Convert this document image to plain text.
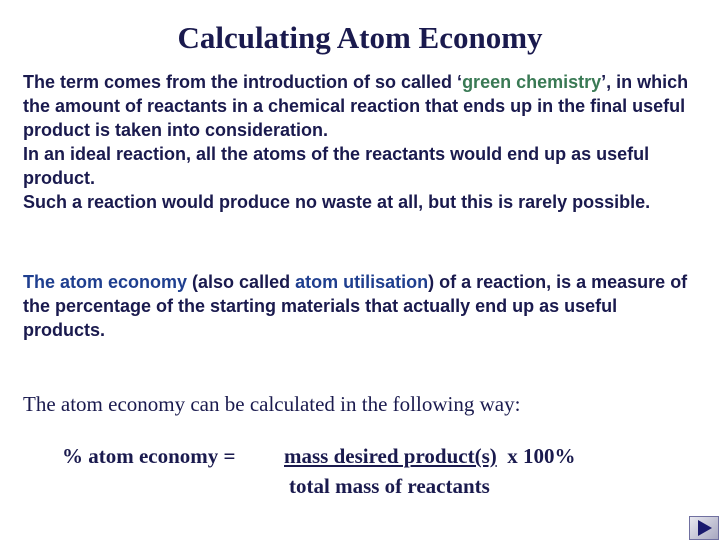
Calculating Atom Economy
The term comes from the introduction of so called ‘green chemistry’, in which the amount of reactants in a chemical reaction that ends up in the final useful product is taken into consideration.
In an ideal reaction, all the atoms of the reactants would end up as useful product.
Such a reaction would produce no waste at all, but this is rarely possible.
The atom economy (also called atom utilisation) of a reaction, is a measure of the percentage of the starting materials that actually end up as useful products.

The atom economy can be calculated in the following way:

% atom economy = mass desired product(s) x 100%
total mass of reactants
